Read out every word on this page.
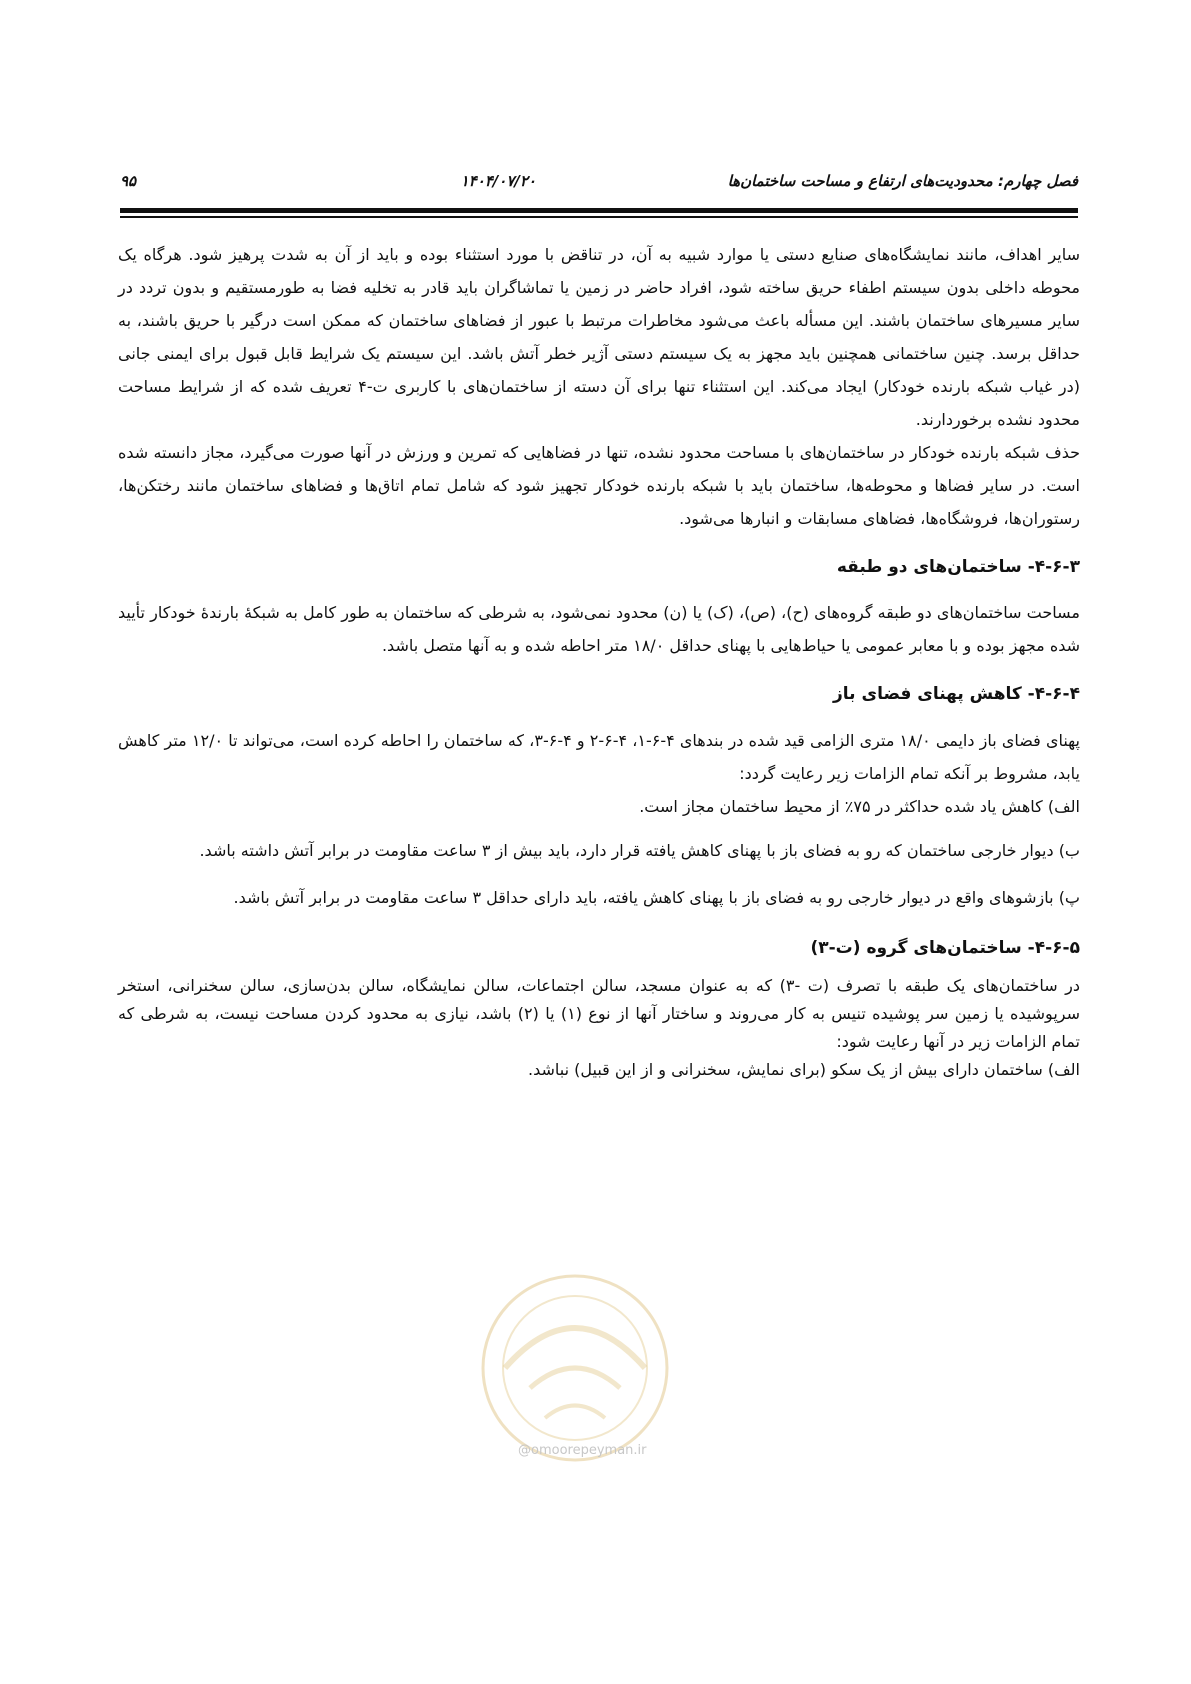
فصل چهارم: محدودیت‌های ارتفاع و مساحت ساختمان‌ها
۱۴۰۴/۰۷/۲۰
۹۵

سایر اهداف، مانند نمایشگاه‌های صنایع دستی یا موارد شبیه به آن، در تناقض با مورد استثناء بوده و باید از آن به شدت پرهیز شود. هرگاه یک محوطه داخلی بدون سیستم اطفاء حریق ساخته شود، افراد حاضر در زمین یا تماشاگران باید قادر به تخلیه فضا به طورمستقیم و بدون تردد در سایر مسیرهای ساختمان باشند. این مسأله باعث می‌شود مخاطرات مرتبط با عبور از فضاهای ساختمان که ممکن است درگیر با حریق باشند، به حداقل برسد. چنین ساختمانی همچنین باید مجهز به یک سیستم دستی آژیر خطر آتش باشد. این سیستم یک شرایط قابل قبول برای ایمنی جانی (در غیاب شبکه بارنده خودکار) ایجاد می‌کند. این استثناء تنها برای آن دسته از ساختمان‌های با کاربری ت-۴ تعریف شده که از شرایط مساحت محدود نشده برخوردارند.

حذف شبکه بارنده خودکار در ساختمان‌های با مساحت محدود نشده، تنها در فضاهایی که تمرین و ورزش در آنها صورت می‌گیرد، مجاز دانسته شده است. در سایر فضاها و محوطه‌ها، ساختمان باید با شبکه بارنده خودکار تجهیز شود که شامل تمام اتاق‌ها و فضاهای ساختمان مانند رختکن‌ها، رستوران‌ها، فروشگاه‌ها، فضاهای مسابقات و انبارها می‌شود.

۴-۶-۳- ساختمان‌های دو طبقه

مساحت ساختمان‌های دو طبقه گروه‌های (ح)، (ص)، (ک) یا (ن) محدود نمی‌شود، به شرطی که ساختمان به طور کامل به شبکهٔ بارندهٔ خودکار تأیید شده مجهز بوده و با معابر عمومی یا حیاط‌هایی با پهنای حداقل ۱۸/۰ متر احاطه شده و به آنها متصل باشد.

۴-۶-۴- کاهش پهنای فضای باز

پهنای فضای باز دایمی ۱۸/۰ متری الزامی قید شده در بندهای ۴-۶-۱، ۴-۶-۲ و ۴-۶-۳، که ساختمان را احاطه کرده است، می‌تواند تا ۱۲/۰ متر کاهش یابد، مشروط بر آنکه تمام الزامات زیر رعایت گردد:

الف) کاهش یاد شده حداکثر در ۷۵٪ از محیط ساختمان مجاز است.

ب) دیوار خارجی ساختمان که رو به فضای باز با پهنای کاهش یافته قرار دارد، باید بیش از ۳ ساعت مقاومت در برابر آتش داشته باشد.

پ) بازشوهای واقع در دیوار خارجی رو به فضای باز با پهنای کاهش یافته، باید دارای حداقل ۳ ساعت مقاومت در برابر آتش باشد.

۴-۶-۵- ساختمان‌های گروه (ت-۳)

در ساختمان‌های یک طبقه با تصرف (ت -۳) که به عنوان مسجد، سالن اجتماعات، سالن نمایشگاه، سالن بدن‌سازی، سالن سخنرانی، استخر سرپوشیده یا زمین سر پوشیده تنیس به کار می‌روند و ساختار آنها از نوع (۱) یا (۲) باشد، نیازی به محدود کردن مساحت نیست، به شرطی که تمام الزامات زیر در آنها رعایت شود:

الف) ساختمان دارای بیش از یک سکو (برای نمایش، سخنرانی و از این قبیل) نباشد.

@omoorepeyman.ir
